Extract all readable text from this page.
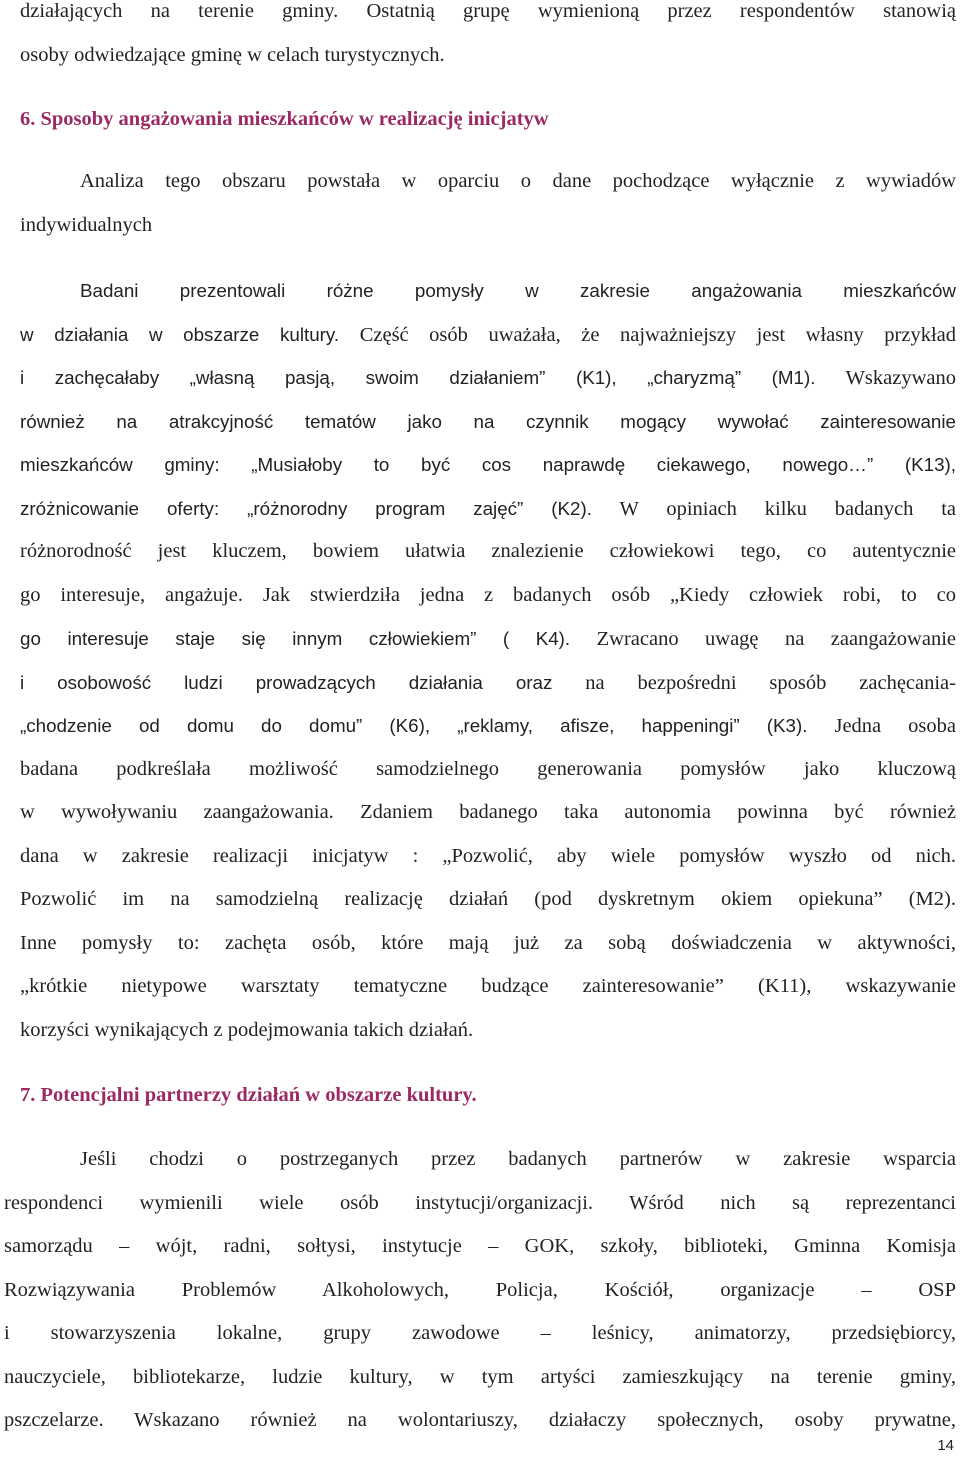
działających na terenie gminy. Ostatnią grupę wymienioną przez respondentów stanowią

osoby odwiedzające gminę w celach turystycznych.

6. Sposoby angażowania mieszkańców w realizację inicjatyw

Analiza tego obszaru powstała w oparciu o dane pochodzące wyłącznie z wywiadów

indywidualnych

Badani prezentowali różne pomysły w zakresie angażowania mieszkańców

w działania w obszarze kultury. Część osób uważała, że najważniejszy jest własny przykład

i zachęcałaby „własną pasją, swoim działaniem” (K1), „charyzmą” (M1). Wskazywano

również na atrakcyjność tematów jako na czynnik mogący wywołać zainteresowanie

mieszkańców gminy: „Musiałoby to być cos naprawdę ciekawego, nowego…” (K13),

zróżnicowanie oferty: „różnorodny program zajęć” (K2). W opiniach kilku badanych ta

różnorodność jest kluczem, bowiem ułatwia znalezienie człowiekowi tego, co autentycznie

go interesuje, angażuje. Jak stwierdziła jedna z badanych osób „Kiedy człowiek robi, to co

go interesuje staje się innym człowiekiem” ( K4). Zwracano uwagę na zaangażowanie

i osobowość ludzi prowadzących działania oraz na bezpośredni sposób zachęcania-

„chodzenie od domu do domu” (K6), „reklamy, afisze, happeningi” (K3). Jedna osoba

badana podkreślała możliwość samodzielnego generowania pomysłów jako kluczową

w wywoływaniu zaangażowania. Zdaniem badanego taka autonomia powinna być również

dana w zakresie realizacji inicjatyw : „Pozwolić, aby wiele pomysłów wyszło od nich.

Pozwolić im na samodzielną realizację działań (pod dyskretnym okiem opiekuna” (M2).

Inne pomysły to: zachęta osób, które mają już za sobą doświadczenia w aktywności,

„krótkie nietypowe warsztaty tematyczne budzące zainteresowanie” (K11), wskazywanie

korzyści wynikających z podejmowania takich działań.

7. Potencjalni partnerzy działań w obszarze kultury.

Jeśli chodzi o postrzeganych przez badanych partnerów w zakresie wsparcia

respondenci wymienili wiele osób instytucji/organizacji. Wśród nich są reprezentanci

samorządu – wójt, radni, sołtysi, instytucje – GOK, szkoły, biblioteki, Gminna Komisja

Rozwiązywania Problemów Alkoholowych, Policja, Kościół, organizacje – OSP

i stowarzyszenia lokalne, grupy zawodowe – leśnicy, animatorzy, przedsiębiorcy,

nauczyciele, bibliotekarze, ludzie kultury, w tym artyści zamieszkujący na terenie gminy,

pszczelarze. Wskazano również na wolontariuszy, działaczy społecznych, osoby prywatne,

14
